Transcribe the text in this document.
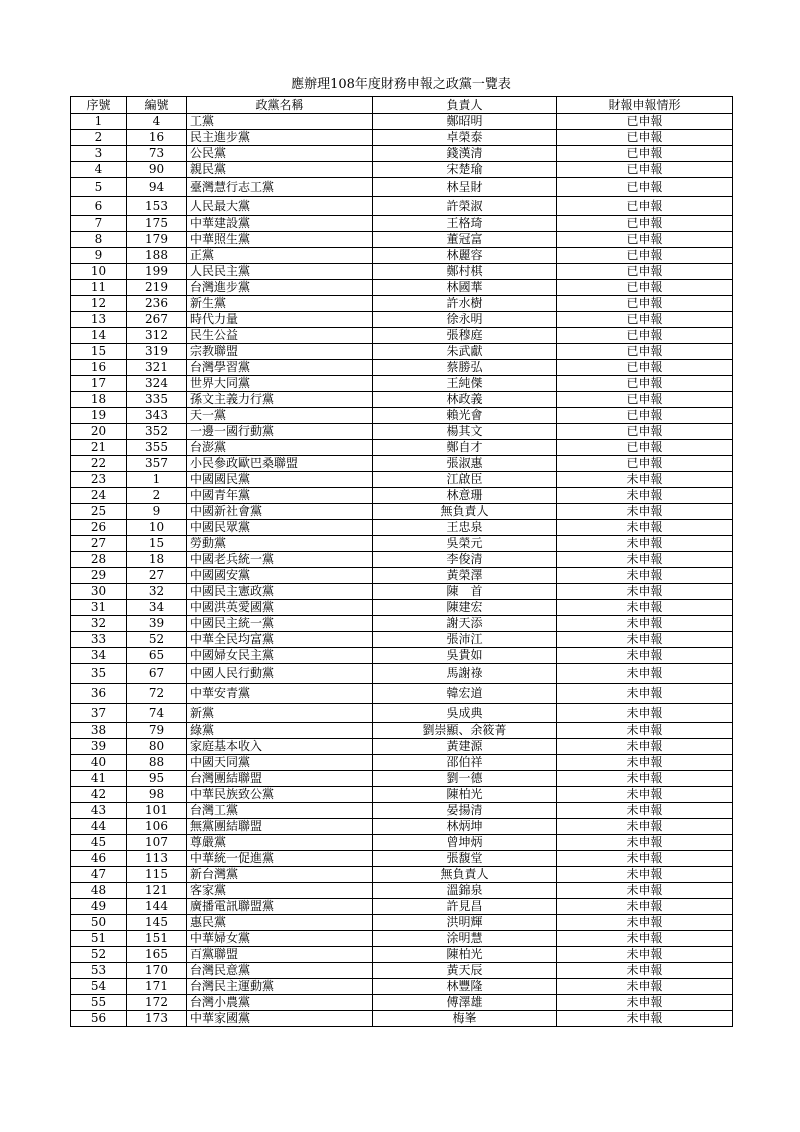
應辦理108年度財務申報之政黨一覽表
序號	編號	政黨名稱	負責人	財報申報情形
1	4	工黨	鄭昭明	已申報
2	16	民主進步黨	卓榮泰	已申報
3	73	公民黨	錢漢清	已申報
4	90	親民黨	宋楚瑜	已申報
5	94	臺灣慧行志工黨	林呈財	已申報
6	153	人民最大黨	許榮淑	已申報
7	175	中華建設黨	王格琦	已申報
8	179	中華照生黨	董冠富	已申報
9	188	正黨	林麗容	已申報
10	199	人民民主黨	鄭村棋	已申報
11	219	台灣進步黨	林國華	已申報
12	236	新生黨	許水樹	已申報
13	267	時代力量	徐永明	已申報
14	312	民生公益	張穆庭	已申報
15	319	宗教聯盟	朱武獻	已申報
16	321	台灣學習黨	蔡勝弘	已申報
17	324	世界大同黨	王純傑	已申報
18	335	孫文主義力行黨	林政義	已申報
19	343	天一黨	賴光會	已申報
20	352	一邊一國行動黨	楊其文	已申報
21	355	台澎黨	鄭自才	已申報
22	357	小民參政歐巴桑聯盟	張淑惠	已申報
23	1	中國國民黨	江啟臣	未申報
24	2	中國青年黨	林意珊	未申報
25	9	中國新社會黨	無負責人	未申報
26	10	中國民眾黨	王忠泉	未申報
27	15	勞動黨	吳榮元	未申報
28	18	中國老兵統一黨	李俊清	未申報
29	27	中國國安黨	黃榮澤	未申報
30	32	中國民主憲政黨	陳　首	未申報
31	34	中國洪英愛國黨	陳建宏	未申報
32	39	中國民主統一黨	謝天添	未申報
33	52	中華全民均富黨	張沛江	未申報
34	65	中國婦女民主黨	吳貴如	未申報
35	67	中國人民行動黨	馬謝祿	未申報
36	72	中華安青黨	韓宏道	未申報
37	74	新黨	吳成典	未申報
38	79	綠黨	劉崇顯、余筱菁	未申報
39	80	家庭基本收入	黃建源	未申報
40	88	中國天同黨	邵伯祥	未申報
41	95	台灣團結聯盟	劉一德	未申報
42	98	中華民族致公黨	陳柏光	未申報
43	101	台灣工黨	晏揚清	未申報
44	106	無黨團結聯盟	林炳坤	未申報
45	107	尊嚴黨	曾坤炳	未申報
46	113	中華統一促進黨	張馥堂	未申報
47	115	新台灣黨	無負責人	未申報
48	121	客家黨	溫錦泉	未申報
49	144	廣播電訊聯盟黨	許見昌	未申報
50	145	惠民黨	洪明輝	未申報
51	151	中華婦女黨	涂明慧	未申報
52	165	百黨聯盟	陳柏光	未申報
53	170	台灣民意黨	黃天辰	未申報
54	171	台灣民主運動黨	林豐隆	未申報
55	172	台灣小農黨	傅澤雄	未申報
56	173	中華家國黨	梅峯	未申報
